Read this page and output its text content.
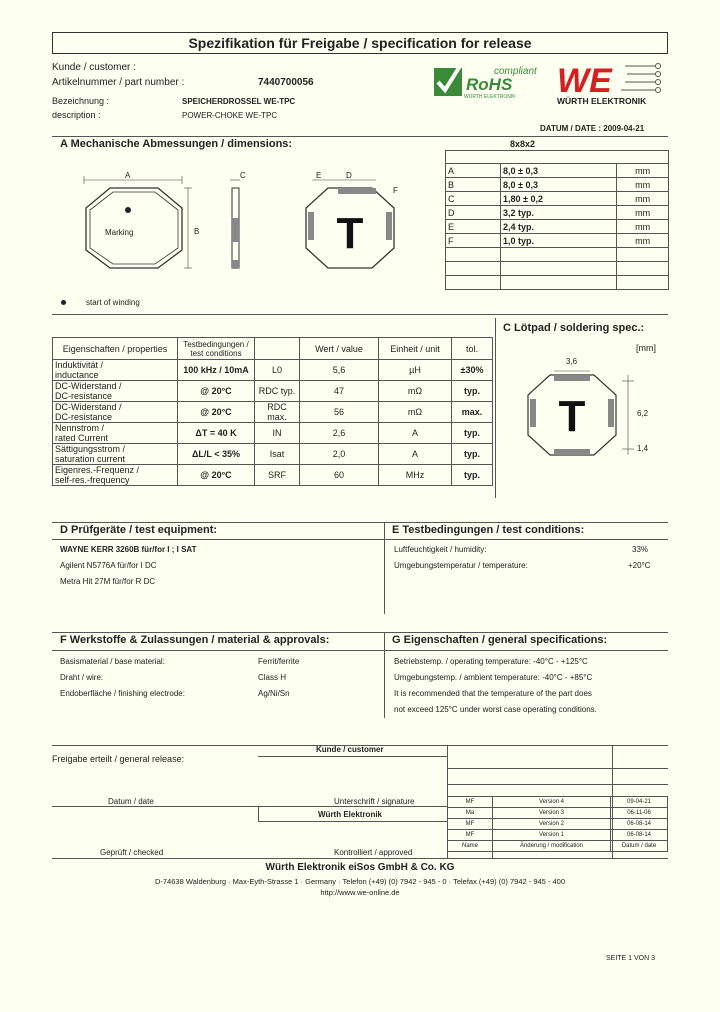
Spezifikation für Freigabe / specification for release
Kunde / customer :
Artikelnummer / part number :	7440700056
Bezeichnung :	SPEICHERDROSSEL WE-TPC
description :	POWER-CHOKE WE-TPC
compliant
RoHS
WÜRTH ELEKTRONIK WE
WÜRTH ELEKTRONIK
DATUM / DATE : 2009-04-21
A Mechanische Abmessungen / dimensions:	8x8x2
A
Marking	B
C
T
E	D
F
start of winding

A	8,0 ± 0,3	mm
B	8,0 ± 0,3	mm
C	1,80 ± 0,2	mm
D	3,2 typ.	mm
E	2,4 typ.	mm
F	1,0 typ.	mm

Eigenschaften / properties	Testbedingungen / test conditions		Wert / value	Einheit / unit	tol.

Induktivität /
inductance	100 kHz / 10mA	L0	5,6	µH	±30%

DC-Widerstand /
DC-resistance	@ 20°C	RDC typ.	47	mΩ	typ.

DC-Widerstand /
DC-resistance	@ 20°C	RDC max.	56	mΩ	max.

Nennstrom /
rated Current	ΔT = 40 K	IN	2,6	A	typ.

Sättigungsstrom /
saturation current	ΔL/L < 35%	Isat	2,0	A	typ.

Eigenres.-Frequenz /
self-res.-frequency	@ 20°C	SRF	60	MHz	typ.
C Lötpad / soldering spec.:
[mm]
T
3,6
6,2
1,4
D Prüfgeräte / test equipment:
WAYNE KERR 3260B für/for I ; I SAT
Agilent N5776A für/for I DC
Metra Hit 27M für/for R DC
E Testbedingungen / test conditions:
Luftfeuchtigkeit / humidity:	33%
Umgebungstemperatur / temperature:	+20°C
F Werkstoffe & Zulassungen / material & approvals:
Basismaterial / base material:	Ferrit/ferrite
Draht / wire:	Class H
Endoberfläche / finishing electrode:	Ag/Ni/Sn
G Eigenschaften / general specifications:
Betriebstemp. / operating temperature: -40°C - +125°C
Umgebungstemp. / ambient temperature: -40°C - +85°C
It is recommended that the temperature of the part does
not exceed 125°C under worst case operating conditions.
Kunde / customer
Freigabe erteilt / general release:
Datum / date	Unterschrift / signature
Würth Elektronik
Geprüft / checked	Kontrolliert / approved
MF	Version 4	09-04-21
Ma	Version 3	06-11-06
MF	Version 2	06-08-14
MF	Version 1	06-08-14
Name	Änderung / modification	Datum / date
Würth Elektronik eiSos GmbH & Co. KG
D-74638 Waldenburg · Max-Eyth-Strasse 1 · Germany · Telefon (+49) (0) 7942 - 945 - 0 · Telefax (+49) (0) 7942 - 945 - 400
http://www.we-online.de
SEITE 1 VON 3
